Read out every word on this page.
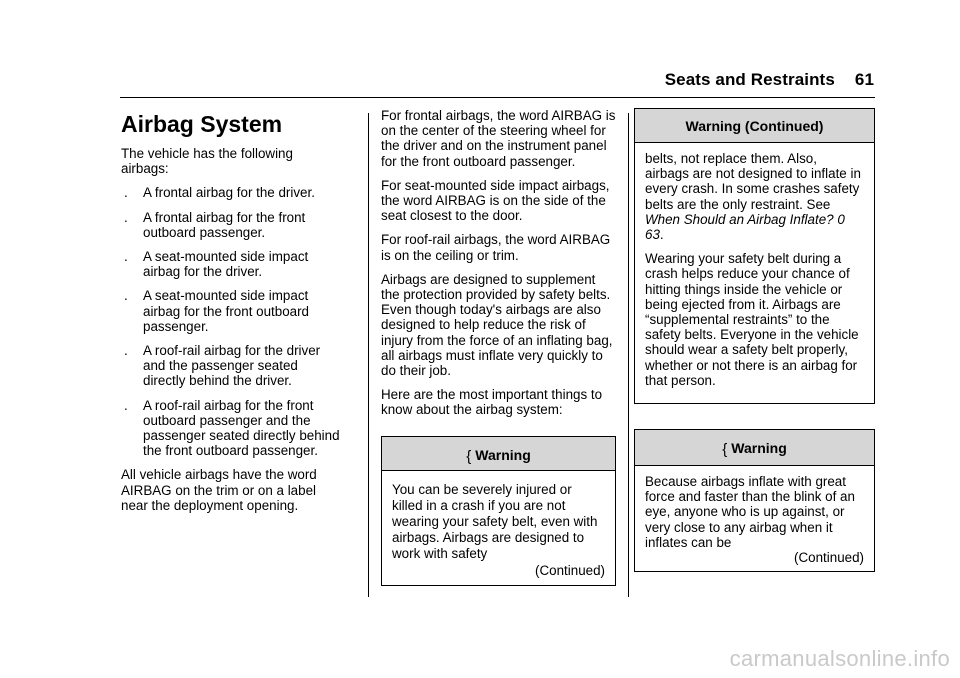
Seats and Restraints 61
Airbag System

The vehicle has the following airbags:

.	A frontal airbag for the driver.
.	A frontal airbag for the front outboard passenger.
.	A seat-mounted side impact airbag for the driver.
.	A seat-mounted side impact airbag for the front outboard passenger.
.	A roof-rail airbag for the driver and the passenger seated directly behind the driver.
.	A roof-rail airbag for the front outboard passenger and the passenger seated directly behind the front outboard passenger.

All vehicle airbags have the word AIRBAG on the trim or on a label near the deployment opening.

For frontal airbags, the word AIRBAG is on the center of the steering wheel for the driver and on the instrument panel for the front outboard passenger.

For seat-mounted side impact airbags, the word AIRBAG is on the side of the seat closest to the door.

For roof-rail airbags, the word AIRBAG is on the ceiling or trim.

Airbags are designed to supplement the protection provided by safety belts. Even though today's airbags are also designed to help reduce the risk of injury from the force of an inflating bag, all airbags must inflate very quickly to do their job.

Here are the most important things to know about the airbag system:

{ Warning
You can be severely injured or killed in a crash if you are not wearing your safety belt, even with airbags. Airbags are designed to work with safety
(Continued)
Warning (Continued)

belts, not replace them. Also, airbags are not designed to inflate in every crash. In some crashes safety belts are the only restraint. See When Should an Airbag Inflate? 0 63.

Wearing your safety belt during a crash helps reduce your chance of hitting things inside the vehicle or being ejected from it. Airbags are “supplemental restraints” to the safety belts. Everyone in the vehicle should wear a safety belt properly, whether or not there is an airbag for that person.

{ Warning
Because airbags inflate with great force and faster than the blink of an eye, anyone who is up against, or very close to any airbag when it inflates can be
(Continued)
carmanualsonline.info
